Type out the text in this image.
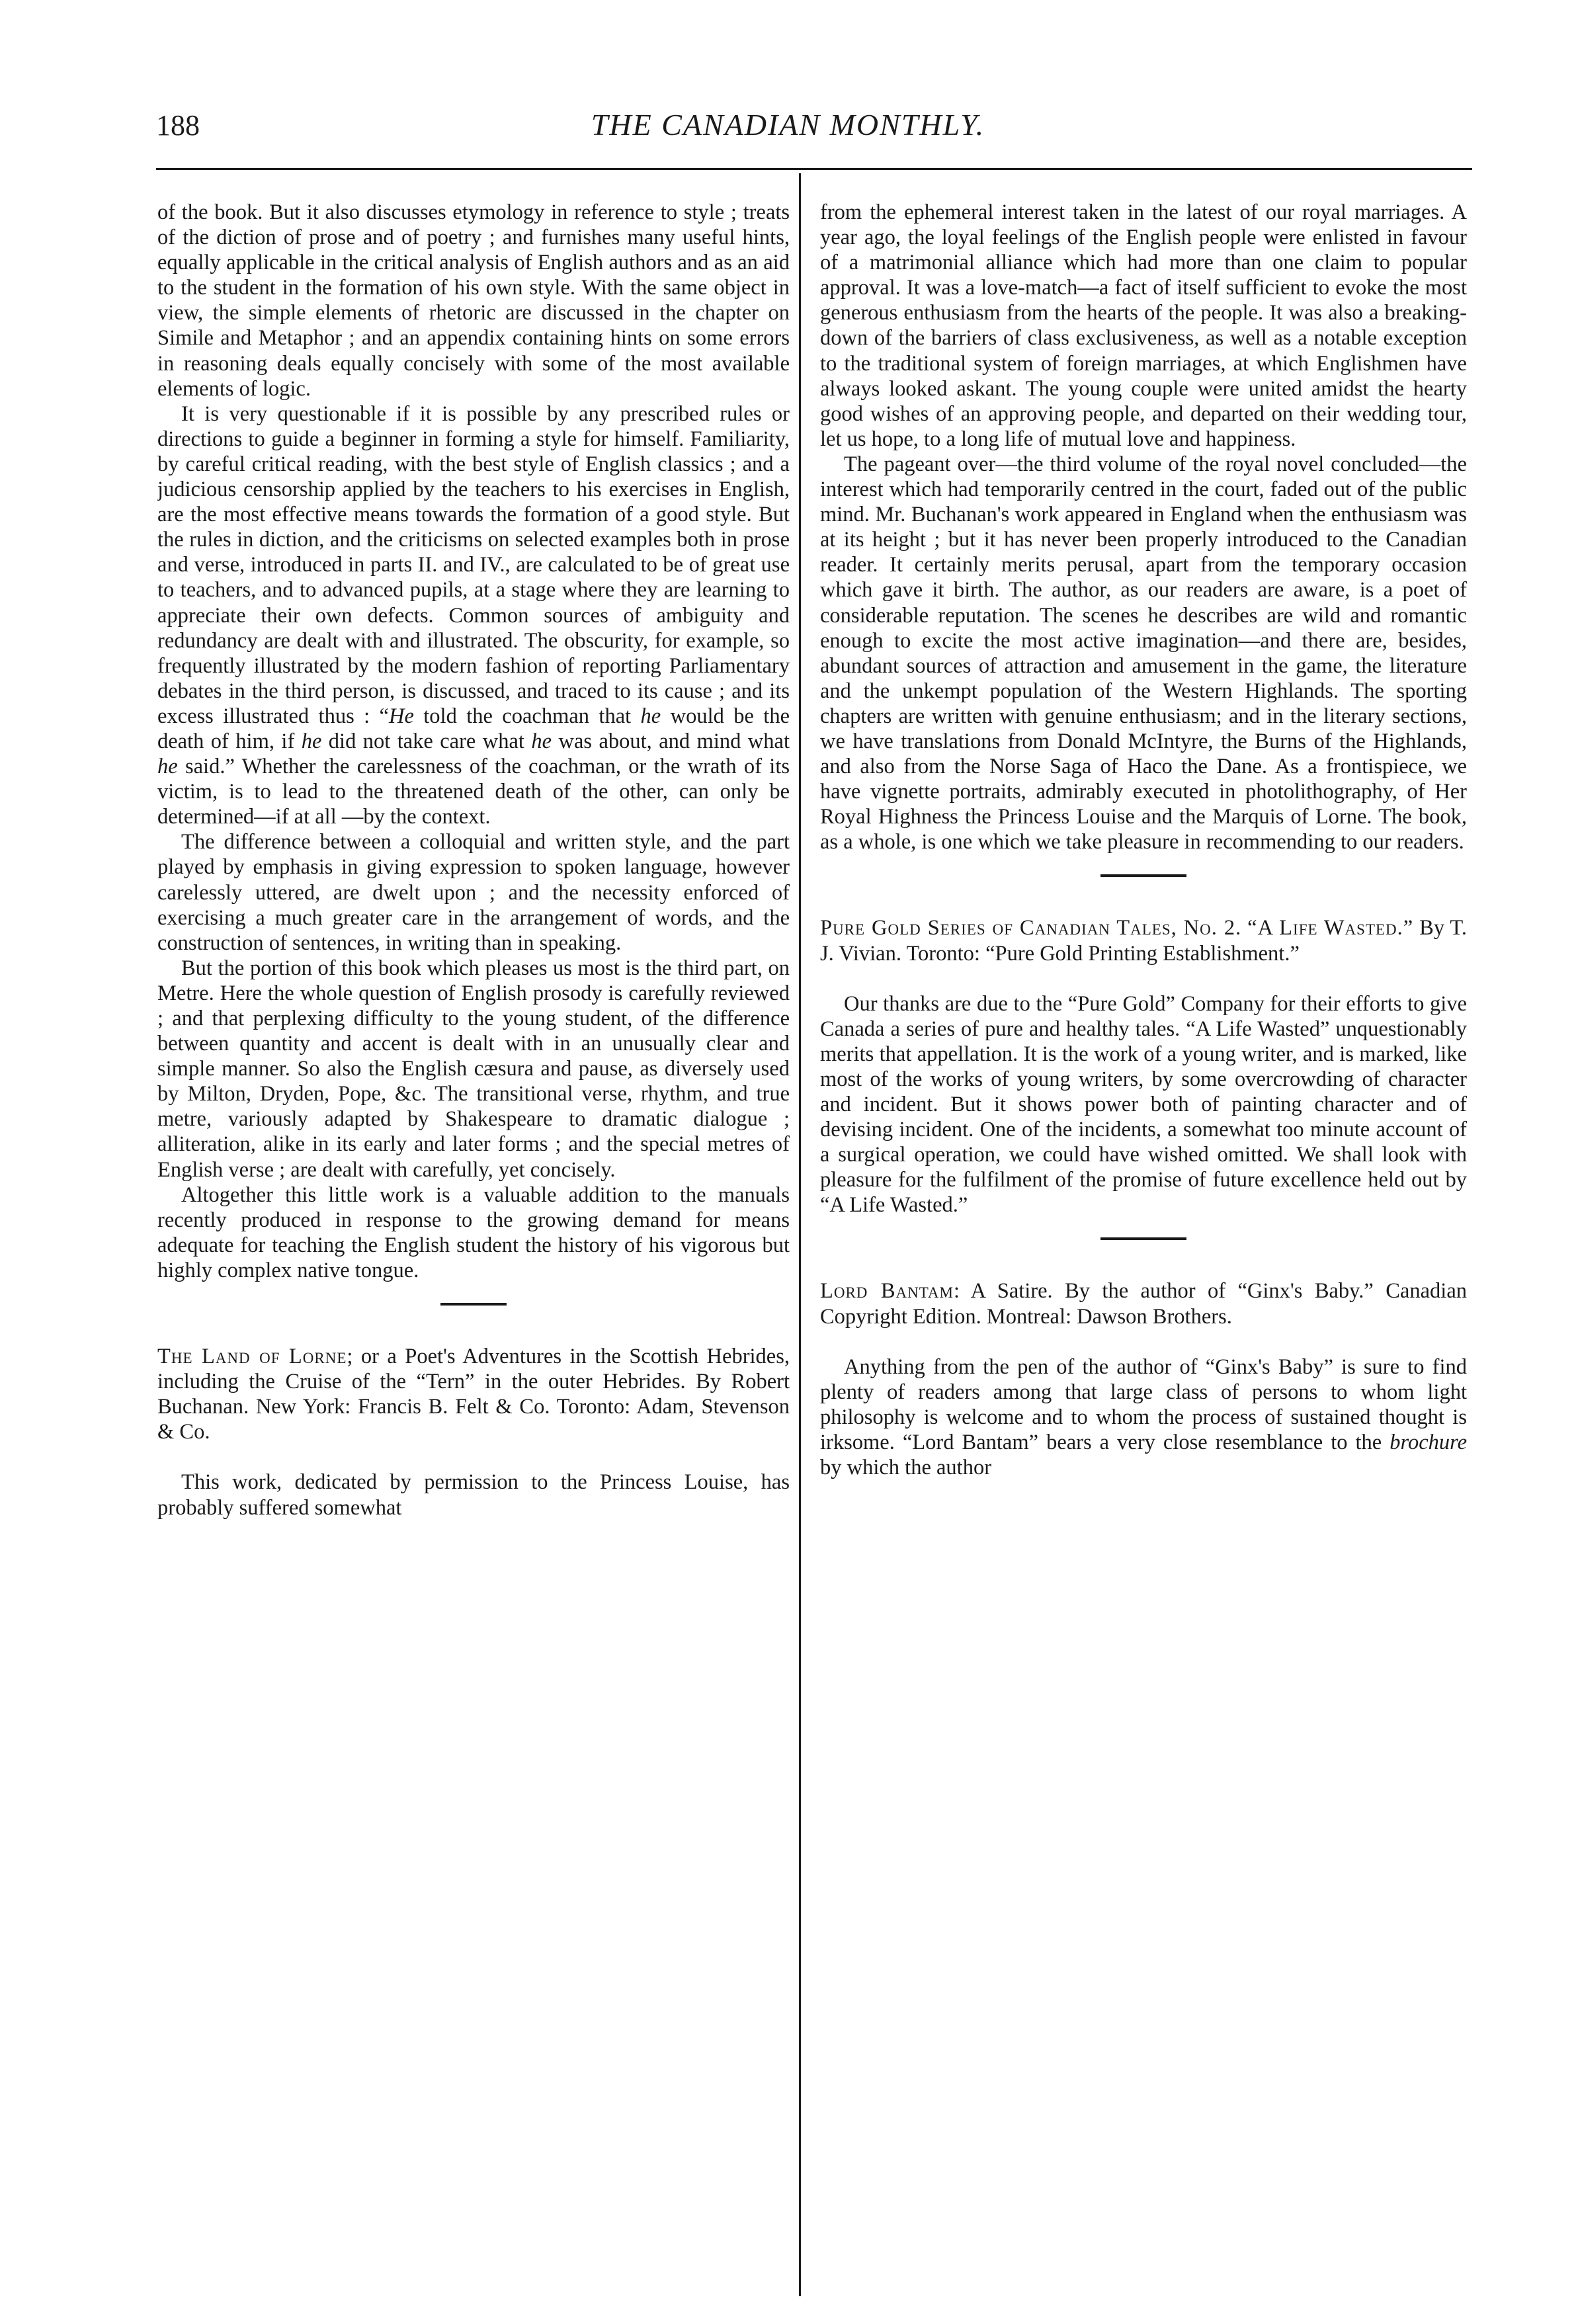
188	THE CANADIAN MONTHLY.

of the book. But it also discusses etymology in reference to style ; treats of the diction of prose and of poetry ; and furnishes many useful hints, equally applicable in the critical analysis of English authors and as an aid to the student in the formation of his own style. With the same object in view, the simple elements of rhetoric are discussed in the chapter on Simile and Metaphor ; and an appendix containing hints on some errors in reasoning deals equally concisely with some of the most available elements of logic.

It is very questionable if it is possible by any prescribed rules or directions to guide a beginner in forming a style for himself. Familiarity, by careful critical reading, with the best style of English classics ; and a judicious censorship applied by the teachers to his exercises in English, are the most effective means towards the formation of a good style. But the rules in diction, and the criticisms on selected examples both in prose and verse, introduced in parts II. and IV., are calculated to be of great use to teachers, and to advanced pupils, at a stage where they are learning to appreciate their own defects. Common sources of ambiguity and redundancy are dealt with and illustrated. The obscurity, for example, so frequently illustrated by the modern fashion of reporting Parliamentary debates in the third person, is discussed, and traced to its cause ; and its excess illustrated thus : “He told the coachman that he would be the death of him, if he did not take care what he was about, and mind what he said.” Whether the carelessness of the coachman, or the wrath of its victim, is to lead to the threatened death of the other, can only be determined—if at all —by the context.

The difference between a colloquial and written style, and the part played by emphasis in giving expression to spoken language, however carelessly uttered, are dwelt upon ; and the necessity enforced of exercising a much greater care in the arrangement of words, and the construction of sentences, in writing than in speaking.

But the portion of this book which pleases us most is the third part, on Metre. Here the whole question of English prosody is carefully reviewed ; and that perplexing difficulty to the young student, of the difference between quantity and accent is dealt with in an unusually clear and simple manner. So also the English cæsura and pause, as diversely used by Milton, Dryden, Pope, &c. The transitional verse, rhythm, and true metre, variously adapted by Shakespeare to dramatic dialogue ; alliteration, alike in its early and later forms ; and the special metres of English verse ; are dealt with carefully, yet concisely.

Altogether this little work is a valuable addition to the manuals recently produced in response to the growing demand for means adequate for teaching the English student the history of his vigorous but highly complex native tongue.

The Land of Lorne; or a Poet's Adventures in the Scottish Hebrides, including the Cruise of the “Tern” in the outer Hebrides. By Robert Buchanan. New York: Francis B. Felt & Co. Toronto: Adam, Stevenson & Co.

This work, dedicated by permission to the Princess Louise, has probably suffered somewhat

from the ephemeral interest taken in the latest of our royal marriages. A year ago, the loyal feelings of the English people were enlisted in favour of a matrimonial alliance which had more than one claim to popular approval. It was a love-match—a fact of itself sufficient to evoke the most generous enthusiasm from the hearts of the people. It was also a breaking-down of the barriers of class exclusiveness, as well as a notable exception to the traditional system of foreign marriages, at which Englishmen have always looked askant. The young couple were united amidst the hearty good wishes of an approving people, and departed on their wedding tour, let us hope, to a long life of mutual love and happiness.

The pageant over—the third volume of the royal novel concluded—the interest which had temporarily centred in the court, faded out of the public mind. Mr. Buchanan's work appeared in England when the enthusiasm was at its height ; but it has never been properly introduced to the Canadian reader. It certainly merits perusal, apart from the temporary occasion which gave it birth. The author, as our readers are aware, is a poet of considerable reputation. The scenes he describes are wild and romantic enough to excite the most active imagination—and there are, besides, abundant sources of attraction and amusement in the game, the literature and the unkempt population of the Western Highlands. The sporting chapters are written with genuine enthusiasm; and in the literary sections, we have translations from Donald McIntyre, the Burns of the Highlands, and also from the Norse Saga of Haco the Dane. As a frontispiece, we have vignette portraits, admirably executed in photolithography, of Her Royal Highness the Princess Louise and the Marquis of Lorne. The book, as a whole, is one which we take pleasure in recommending to our readers.

Pure Gold Series of Canadian Tales, No. 2. “A Life Wasted.” By T. J. Vivian. Toronto: “Pure Gold Printing Establishment.”

Our thanks are due to the “Pure Gold” Company for their efforts to give Canada a series of pure and healthy tales. “A Life Wasted” unquestionably merits that appellation. It is the work of a young writer, and is marked, like most of the works of young writers, by some overcrowding of character and incident. But it shows power both of painting character and of devising incident. One of the incidents, a somewhat too minute account of a surgical operation, we could have wished omitted. We shall look with pleasure for the fulfilment of the promise of future excellence held out by “A Life Wasted.”

Lord Bantam: A Satire. By the author of “Ginx's Baby.” Canadian Copyright Edition. Montreal: Dawson Brothers.

Anything from the pen of the author of “Ginx's Baby” is sure to find plenty of readers among that large class of persons to whom light philosophy is welcome and to whom the process of sustained thought is irksome. “Lord Bantam” bears a very close resemblance to the brochure by which the author
